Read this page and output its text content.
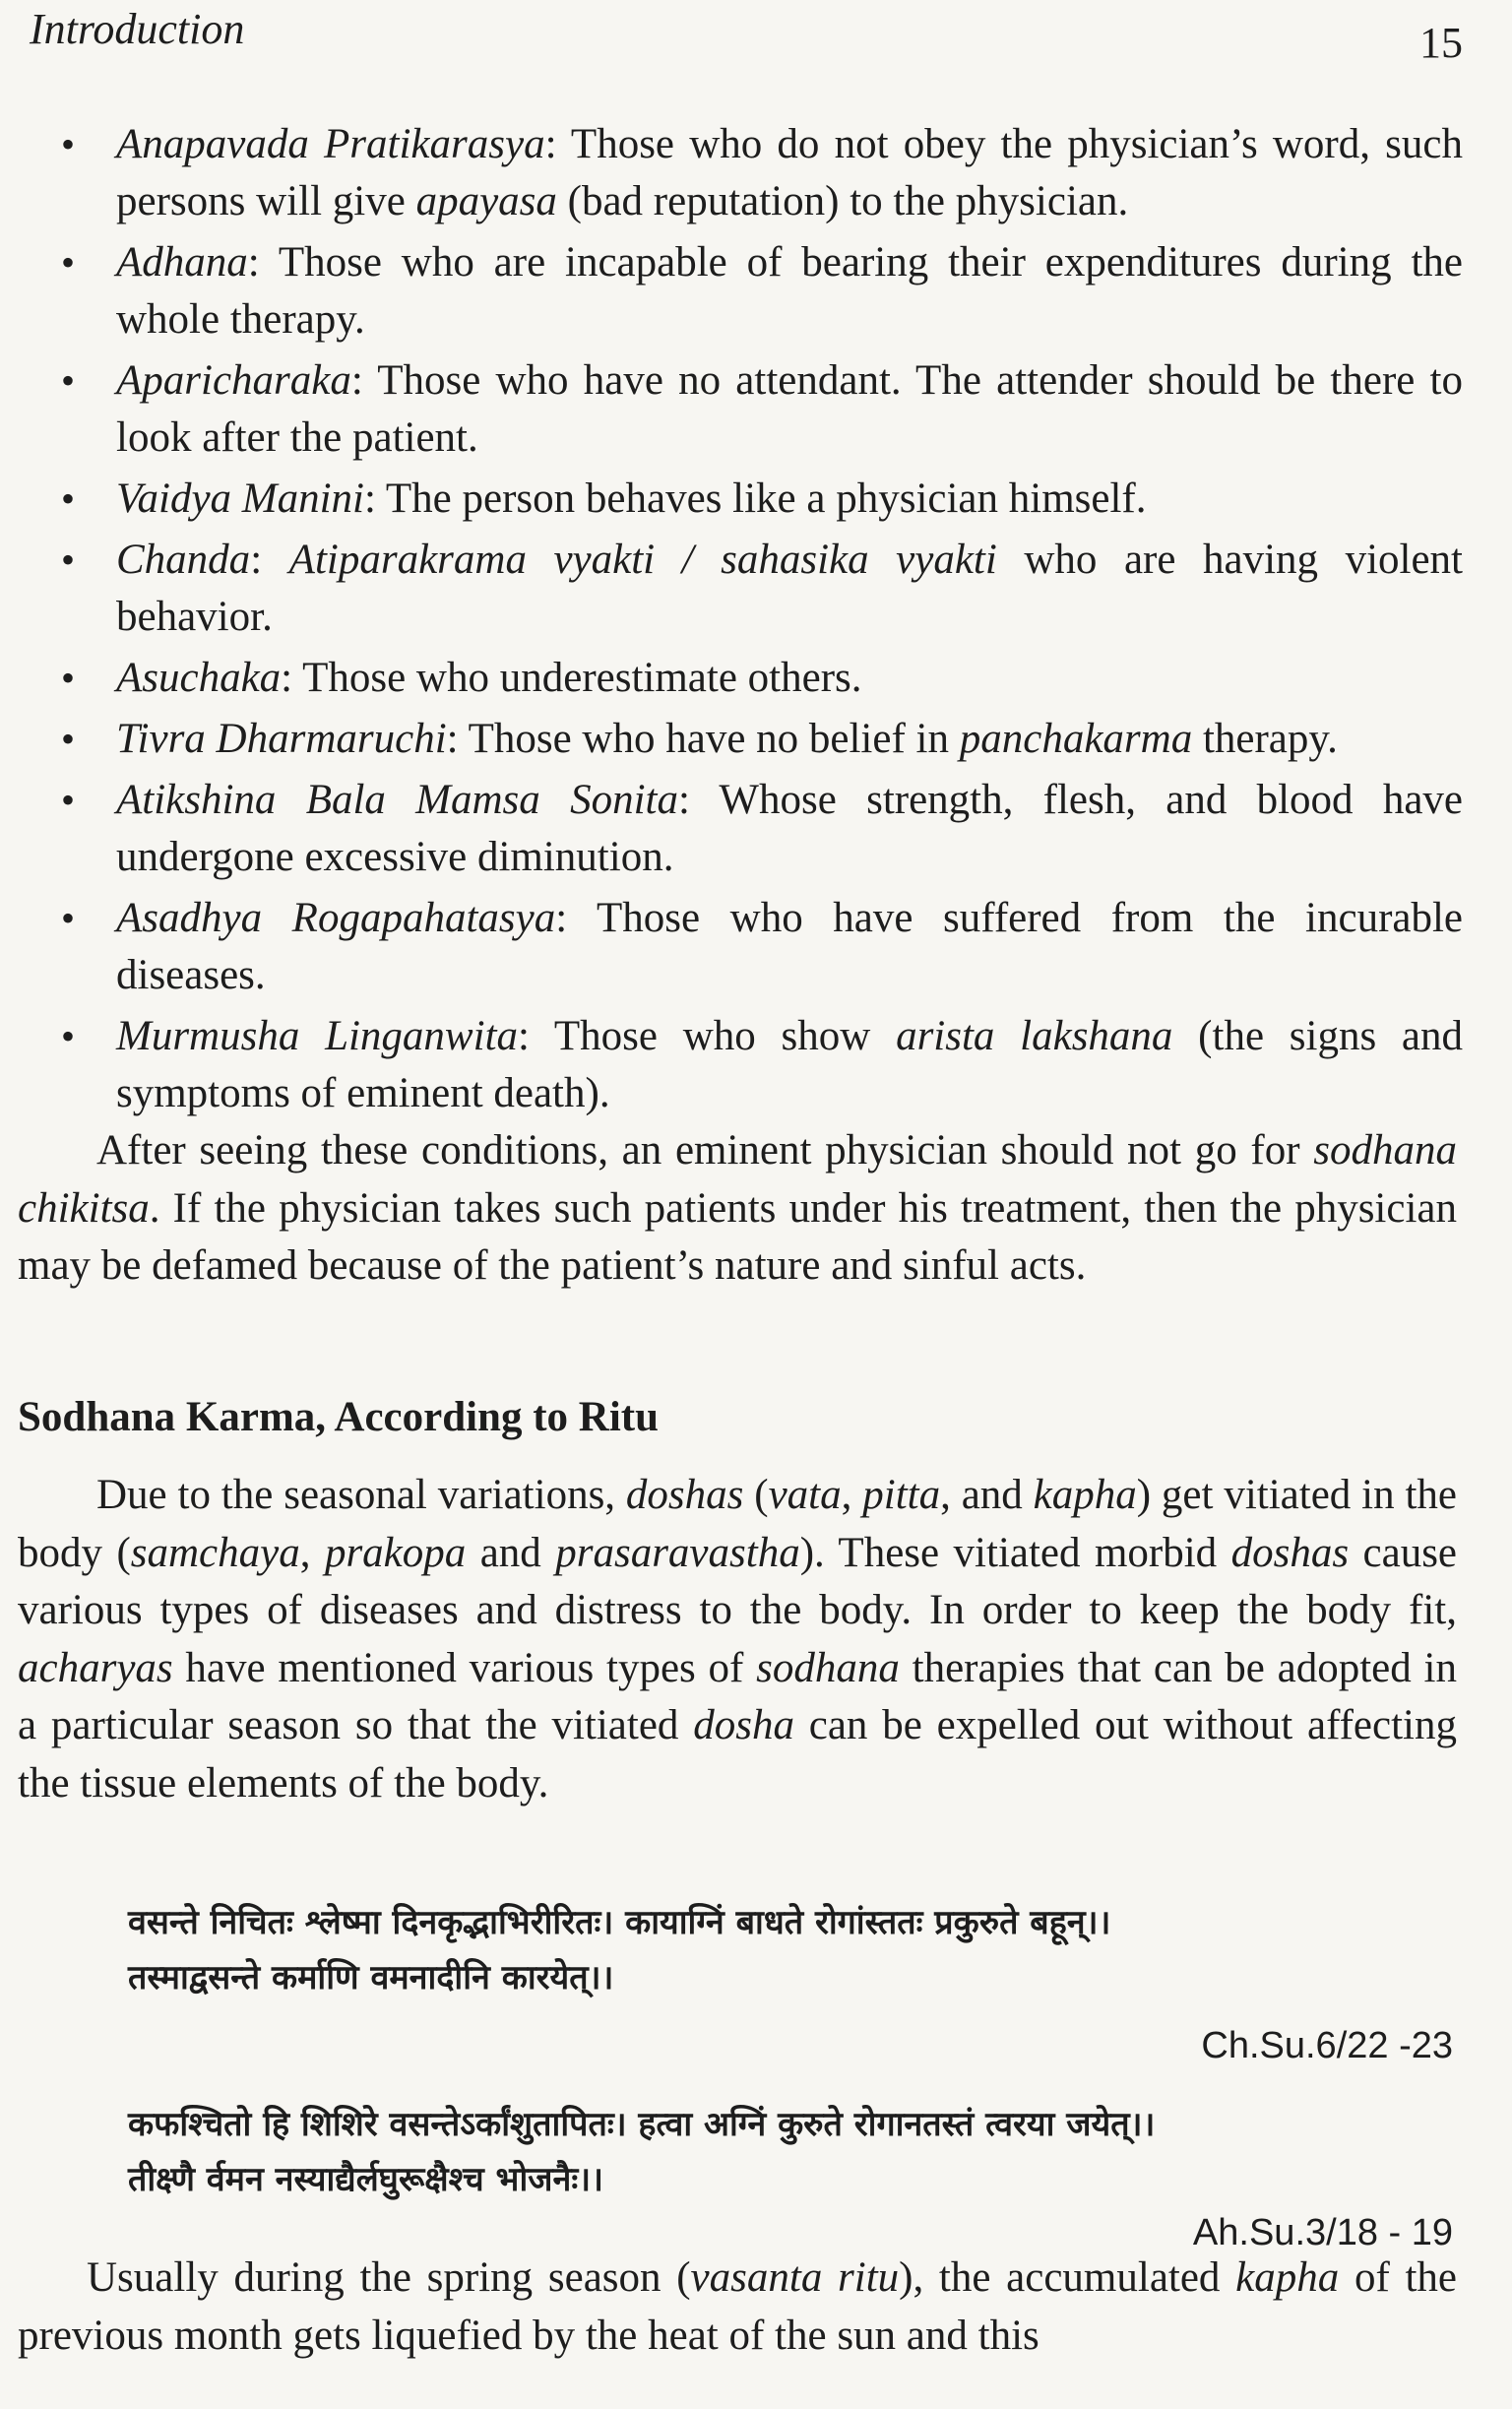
Introduction	15
• Anapavada Pratikarasya: Those who do not obey the physician’s word, such persons will give apayasa (bad reputation) to the physician.
• Adhana: Those who are incapable of bearing their expenditures during the whole therapy.
• Aparicharaka: Those who have no attendant. The attender should be there to look after the patient.
• Vaidya Manini: The person behaves like a physician himself.
• Chanda: Atiparakrama vyakti / sahasika vyakti who are having violent behavior.
• Asuchaka: Those who underestimate others.
• Tivra Dharmaruchi: Those who have no belief in panchakarma therapy.
• Atikshina Bala Mamsa Sonita: Whose strength, flesh, and blood have undergone excessive diminution.
• Asadhya Rogapahatasya: Those who have suffered from the incurable diseases.
• Murmusha Linganwita: Those who show arista lakshana (the signs and symptoms of eminent death).

After seeing these conditions, an eminent physician should not go for sodhana chikitsa. If the physician takes such patients under his treatment, then the physician may be defamed because of the patient’s nature and sinful acts.

Sodhana Karma, According to Ritu

Due to the seasonal variations, doshas (vata, pitta, and kapha) get vitiated in the body (samchaya, prakopa and prasaravastha). These vitiated morbid doshas cause various types of diseases and distress to the body. In order to keep the body fit, acharyas have mentioned various types of sodhana therapies that can be adopted in a particular season so that the vitiated dosha can be expelled out without affecting the tissue elements of the body.

वसन्ते निचितः श्लेष्मा दिनकृद्भाभिरीरितः। कायाग्निं बाधते रोगांस्ततः प्रकुरुते बहून्।।
तस्माद्वसन्ते कर्माणि वमनादीनि कारयेत्।।
Ch.Su.6/22 -23
कफश्चितो हि शिशिरे वसन्तेऽर्कांशुतापितः। हत्वा अग्निं कुरुते रोगानतस्तं त्वरया जयेत्।।
तीक्ष्णै र्वमन नस्याद्यैर्लघुरूक्षैश्च भोजनैः।।
Ah.Su.3/18 - 19

Usually during the spring season (vasanta ritu), the accumulated kapha of the previous month gets liquefied by the heat of the sun and this
